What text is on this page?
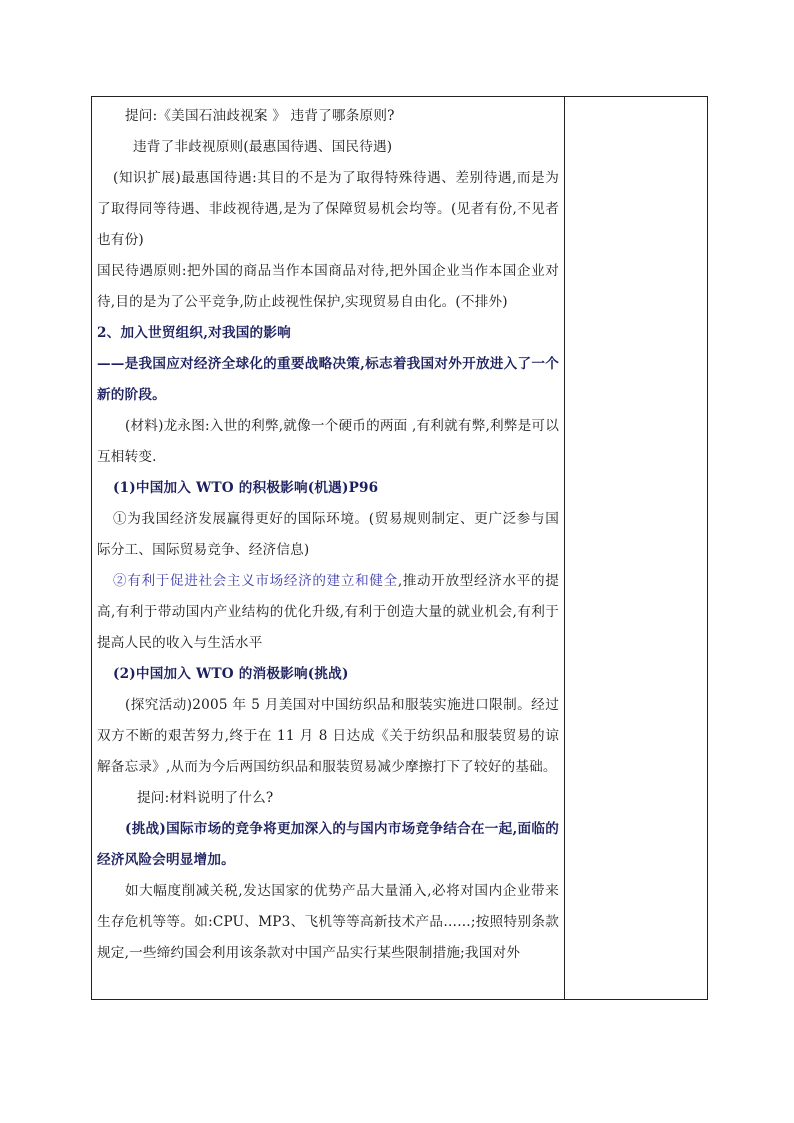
提问:《美国石油歧视案 》 违背了哪条原则?

违背了非歧视原则(最惠国待遇、国民待遇)

(知识扩展)最惠国待遇:其目的不是为了取得特殊待遇、差别待遇,而是为了取得同等待遇、非歧视待遇,是为了保障贸易机会均等。(见者有份,不见者也有份)

国民待遇原则:把外国的商品当作本国商品对待,把外国企业当作本国企业对待,目的是为了公平竞争,防止歧视性保护,实现贸易自由化。(不排外)

2、加入世贸组织,对我国的影响

——是我国应对经济全球化的重要战略决策,标志着我国对外开放进入了一个新的阶段。

(材料)龙永图:入世的利弊,就像一个硬币的两面 ,有利就有弊,利弊是可以互相转变.

(1)中国加入 WTO 的积极影响(机遇)P96

①为我国经济发展赢得更好的国际环境。(贸易规则制定、更广泛参与国际分工、国际贸易竞争、经济信息)

②有利于促进社会主义市场经济的建立和健全,推动开放型经济水平的提高,有利于带动国内产业结构的优化升级,有利于创造大量的就业机会,有利于提高人民的收入与生活水平

(2)中国加入 WTO 的消极影响(挑战)

(探究活动)2005 年 5 月美国对中国纺织品和服装实施进口限制。经过双方不断的艰苦努力,终于在 11 月 8 日达成《关于纺织品和服装贸易的谅解备忘录》,从而为今后两国纺织品和服装贸易减少摩擦打下了较好的基础。

提问:材料说明了什么?

(挑战)国际市场的竞争将更加深入的与国内市场竞争结合在一起,面临的经济风险会明显增加。

如大幅度削减关税,发达国家的优势产品大量涌入,必将对国内企业带来生存危机等等。如:CPU、MP3、飞机等等高新技术产品……;按照特别条款规定,一些缔约国会利用该条款对中国产品实行某些限制措施;我国对外
